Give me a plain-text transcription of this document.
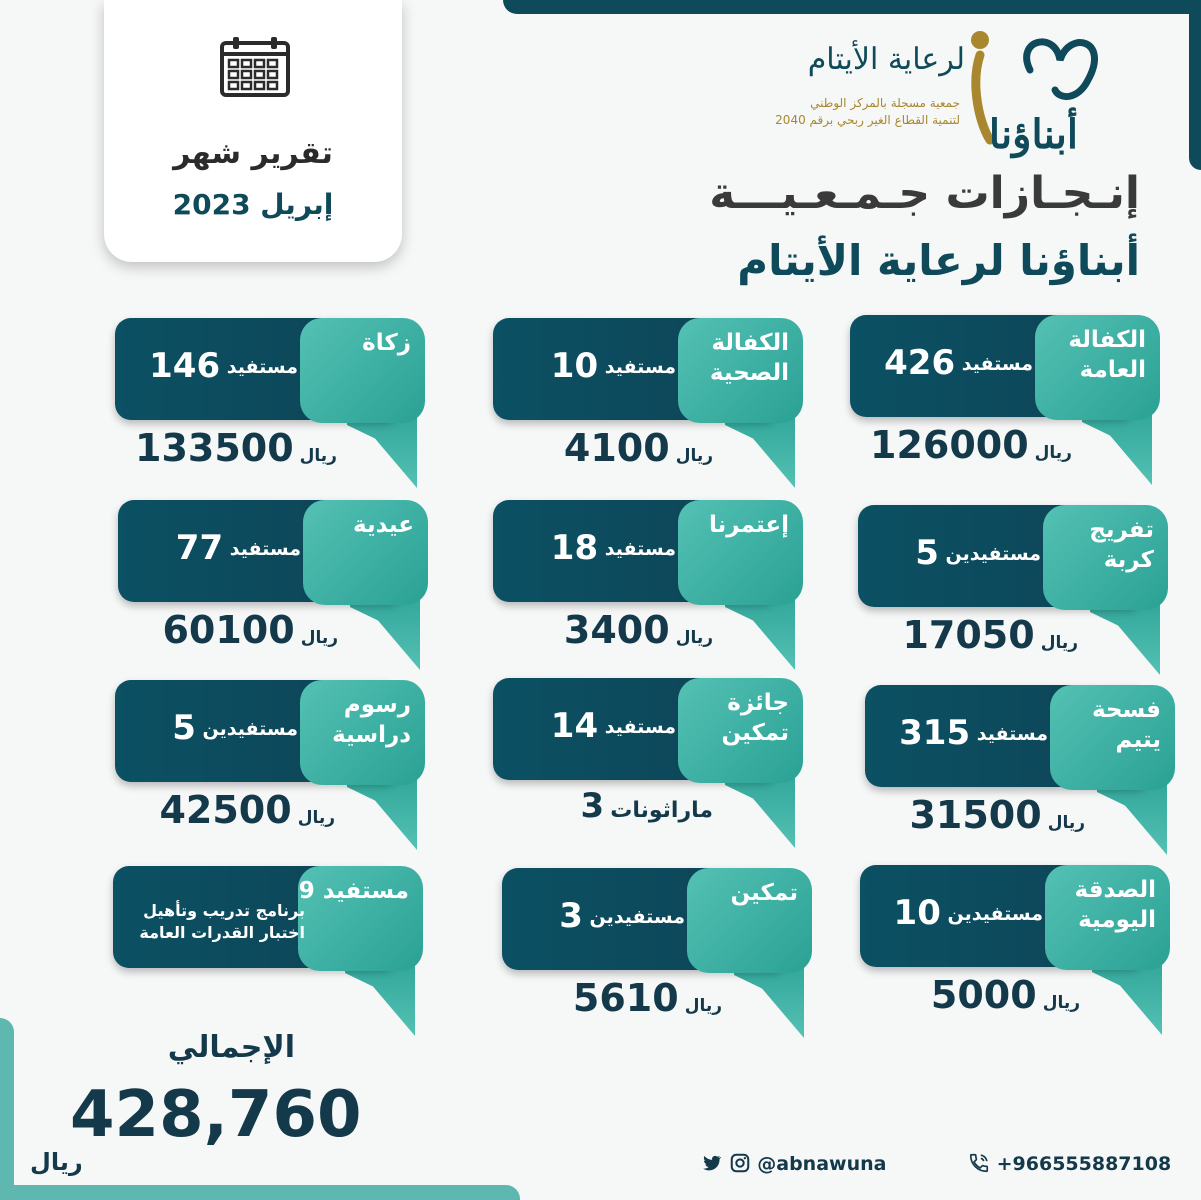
تقرير شهر
إبريل 2023
لرعاية الأيتام
جمعية مسجلة بالمركز الوطني
لتنمية القطاع الغير ربحي برقم 2040 أبناؤنا
إنـجـازات جـمـعـيـــة
أبناؤنا لرعاية الأيتام
الكفالة العامة
426 مستفيد
126000 ريال
الكفالة الصحية
10 مستفيد
4100 ريال
زكاة
146 مستفيد
133500 ريال
تفريج كربة
5 مستفيدين
17050 ريال
إعتمرنا
18 مستفيد
3400 ريال
عيدية
77 مستفيد
60100 ريال
فسحة يتيم
315 مستفيد
31500 ريال
جائزة تمكين
14 مستفيد
3 ماراثونات
رسوم دراسية
5 مستفيدين
42500 ريال
الصدقة اليومية
10 مستفيدين
5000 ريال
تمكين
3 مستفيدين
5610 ريال
9 مستفيد
برنامج تدريب وتأهيل
اختبار القدرات العامة
الإجمالي
428,760
ريال	@abnawuna	+966555887108
